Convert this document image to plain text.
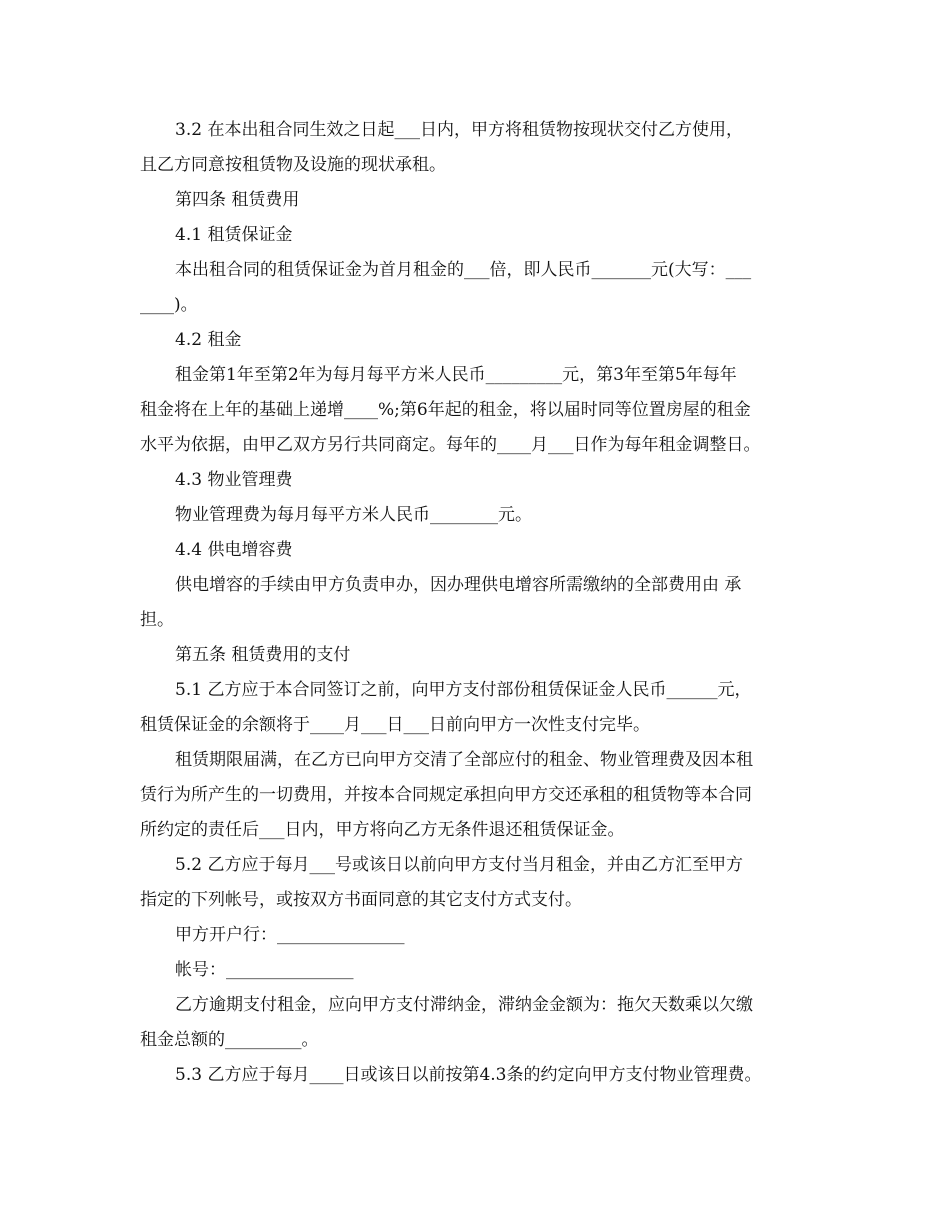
3.2 在本出租合同生效之日起___日内，甲方将租赁物按现状交付乙方使用，
且乙方同意按租赁物及设施的现状承租。
第四条 租赁费用
4.1 租赁保证金
本出租合同的租赁保证金为首月租金的___倍，即人民币_______元(大写：___
____)。
4.2 租金
租金第1年至第2年为每月每平方米人民币_________元，第3年至第5年每年
租金将在上年的基础上递增____%;第6年起的租金，将以届时同等位置房屋的租金
水平为依据，由甲乙双方另行共同商定。每年的____月___日作为每年租金调整日。
4.3 物业管理费
物业管理费为每月每平方米人民币________元。
4.4 供电增容费
供电增容的手续由甲方负责申办，因办理供电增容所需缴纳的全部费用由 承
担。
第五条 租赁费用的支付
5.1 乙方应于本合同签订之前，向甲方支付部份租赁保证金人民币______元，
租赁保证金的余额将于____月___日___日前向甲方一次性支付完毕。
租赁期限届满，在乙方已向甲方交清了全部应付的租金、物业管理费及因本租
赁行为所产生的一切费用，并按本合同规定承担向甲方交还承租的租赁物等本合同
所约定的责任后___日内，甲方将向乙方无条件退还租赁保证金。
5.2 乙方应于每月___号或该日以前向甲方支付当月租金，并由乙方汇至甲方
指定的下列帐号，或按双方书面同意的其它支付方式支付。
甲方开户行：_______________
帐号：_______________
乙方逾期支付租金，应向甲方支付滞纳金，滞纳金金额为：拖欠天数乘以欠缴
租金总额的_________。
5.3 乙方应于每月____日或该日以前按第4.3条的约定向甲方支付物业管理费。
